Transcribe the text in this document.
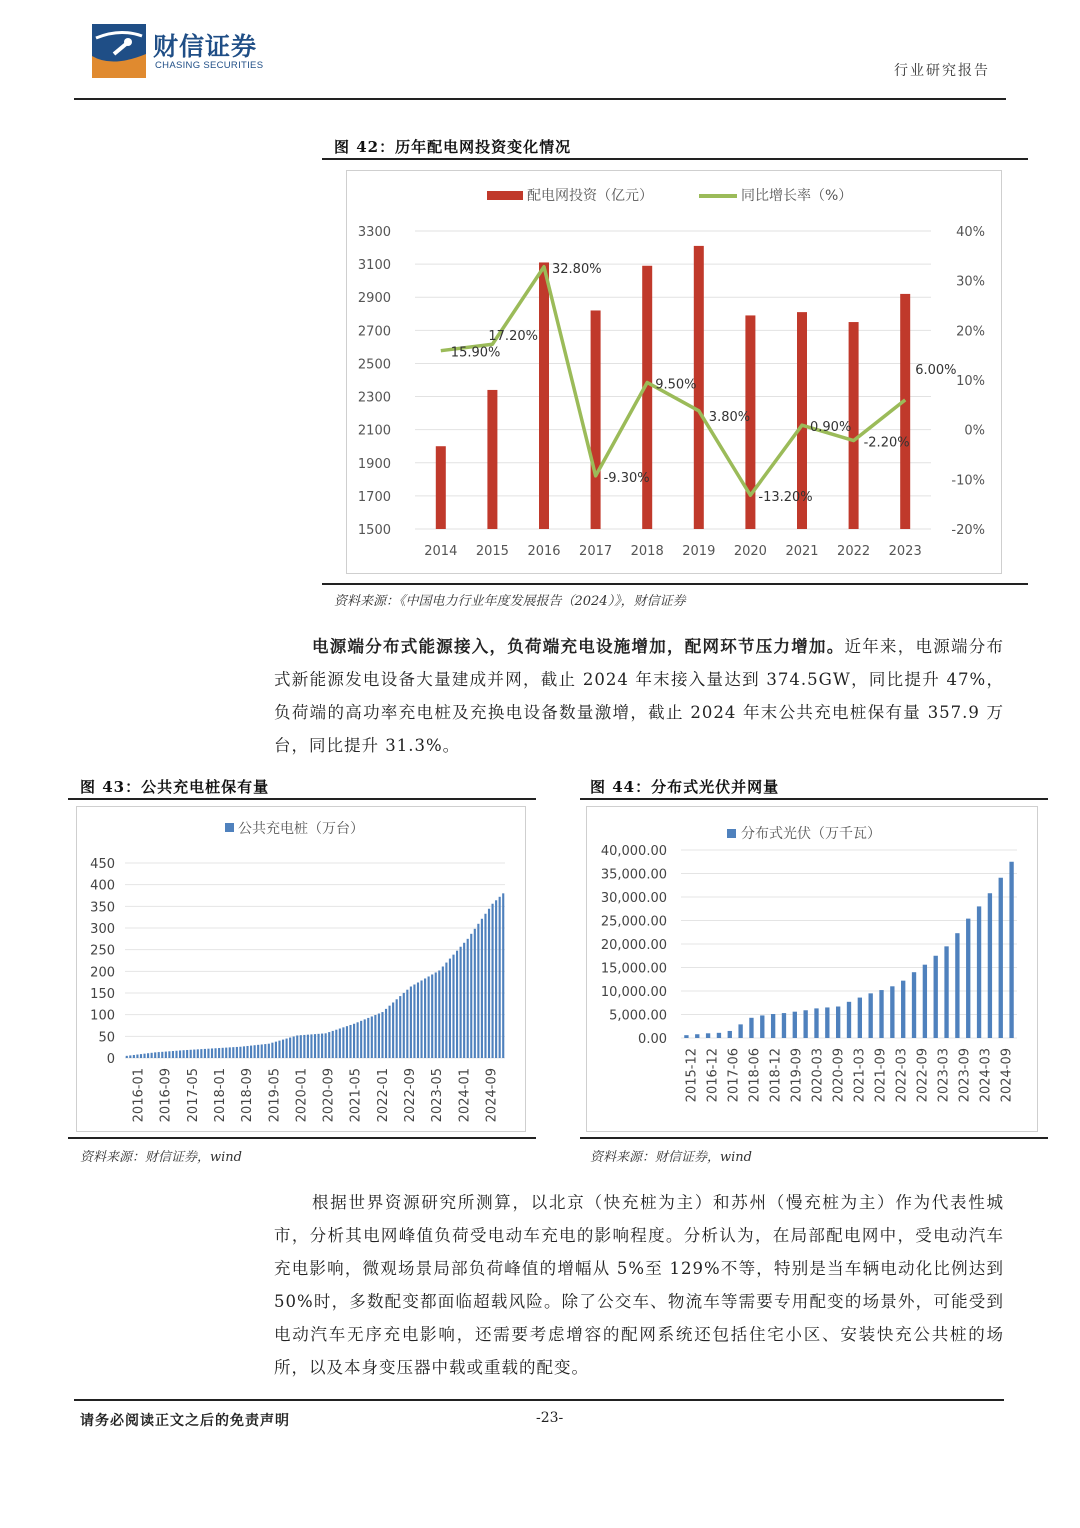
财信证券
CHASING SECURITIES	行业研究报告
图 42：历年配电网投资变化情况
配电网投资（亿元）	同比增长率（%）
3300
3100
2900
2700
2500
2300
2100
1900
1700
1500
40%
30%
20%
10%
0%
-10%
-20%
2014 2015 2016 2017 2018 2019 2020 2021 2022 2023
15.90%
17.20%
32.80%
-9.30%
9.50%
3.80%
-13.20%
0.90%
-2.20%
6.00%
资料来源：《中国电力行业年度发展报告（2024）》，财信证券
电源端分布式能源接入，负荷端充电设施增加，配网环节压力增加。近年来，电源端分布式新能源发电设备大量建成并网，截止 2024 年末接入量达到 374.5GW，同比提升 47%，负荷端的高功率充电桩及充换电设备数量激增，截止 2024 年末公共充电桩保有量 357.9 万台，同比提升 31.3%。
图 43：公共充电桩保有量
公共充电桩（万台）
450
400
350
300
250
200
150
100
50
0
2016-01 2016-09 2017-05 2018-01 2018-09 2019-05 2020-01 2020-09 2021-05 2022-01 2022-09 2023-05 2024-01 2024-09
资料来源：财信证券，wind
图 44：分布式光伏并网量
分布式光伏（万千瓦）
40,000.00
35,000.00
30,000.00
25,000.00
20,000.00
15,000.00
10,000.00
5,000.00
0.00
2015-12 2016-12 2017-06 2018-06 2018-12 2019-09 2020-03 2020-09 2021-03 2021-09 2022-03 2022-09 2023-03 2023-09 2024-03 2024-09
资料来源：财信证券，wind
根据世界资源研究所测算，以北京（快充桩为主）和苏州（慢充桩为主）作为代表性城市，分析其电网峰值负荷受电动车充电的影响程度。分析认为，在局部配电网中，受电动汽车充电影响，微观场景局部负荷峰值的增幅从 5%至 129%不等，特别是当车辆电动化比例达到 50%时，多数配变都面临超载风险。除了公交车、物流车等需要专用配变的场景外，可能受到电动汽车无序充电影响，还需要考虑增容的配网系统还包括住宅小区、安装快充公共桩的场所，以及本身变压器中载或重载的配变。
请务必阅读正文之后的免责声明	-23-
